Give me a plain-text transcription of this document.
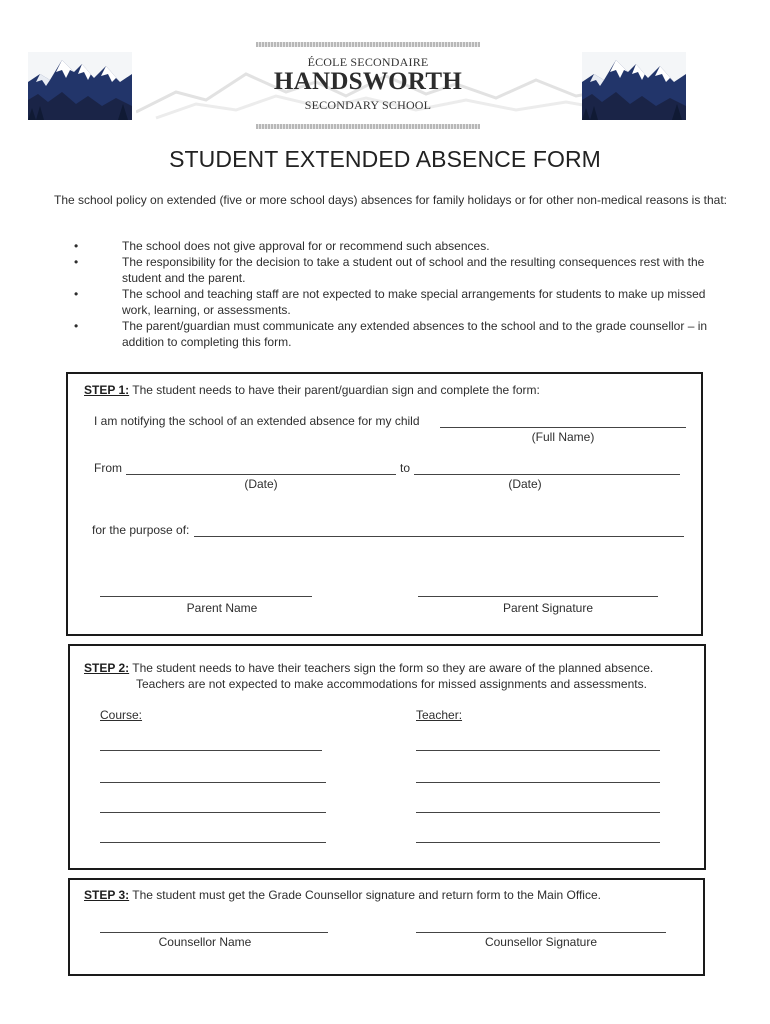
ÉCOLE SECONDAIRE
HANDSWORTH
SECONDARY SCHOOL
STUDENT EXTENDED ABSENCE FORM

The school policy on extended (five or more school days) absences for family holidays or for other non-medical reasons is that:

•	The school does not give approval for or recommend such absences.
•	The responsibility for the decision to take a student out of school and the resulting consequences rest with the student and the parent.
•	The school and teaching staff are not expected to make special arrangements for students to make up missed work, learning, or assessments.
•	The parent/guardian must communicate any extended absences to the school and to the grade counsellor – in addition to completing this form.
STEP 1: The student needs to have their parent/guardian sign and complete the form:
I am notifying the school of an extended absence for my child
(Full Name)
From
(Date)
to
(Date)
for the purpose of:
Parent Name	Parent Signature
STEP 2: The student needs to have their teachers sign the form so they are aware of the planned absence.
Teachers are not expected to make accommodations for missed assignments and assessments.
Course:	Teacher:
STEP 3: The student must get the Grade Counsellor signature and return form to the Main Office.
Counsellor Name	Counsellor Signature
